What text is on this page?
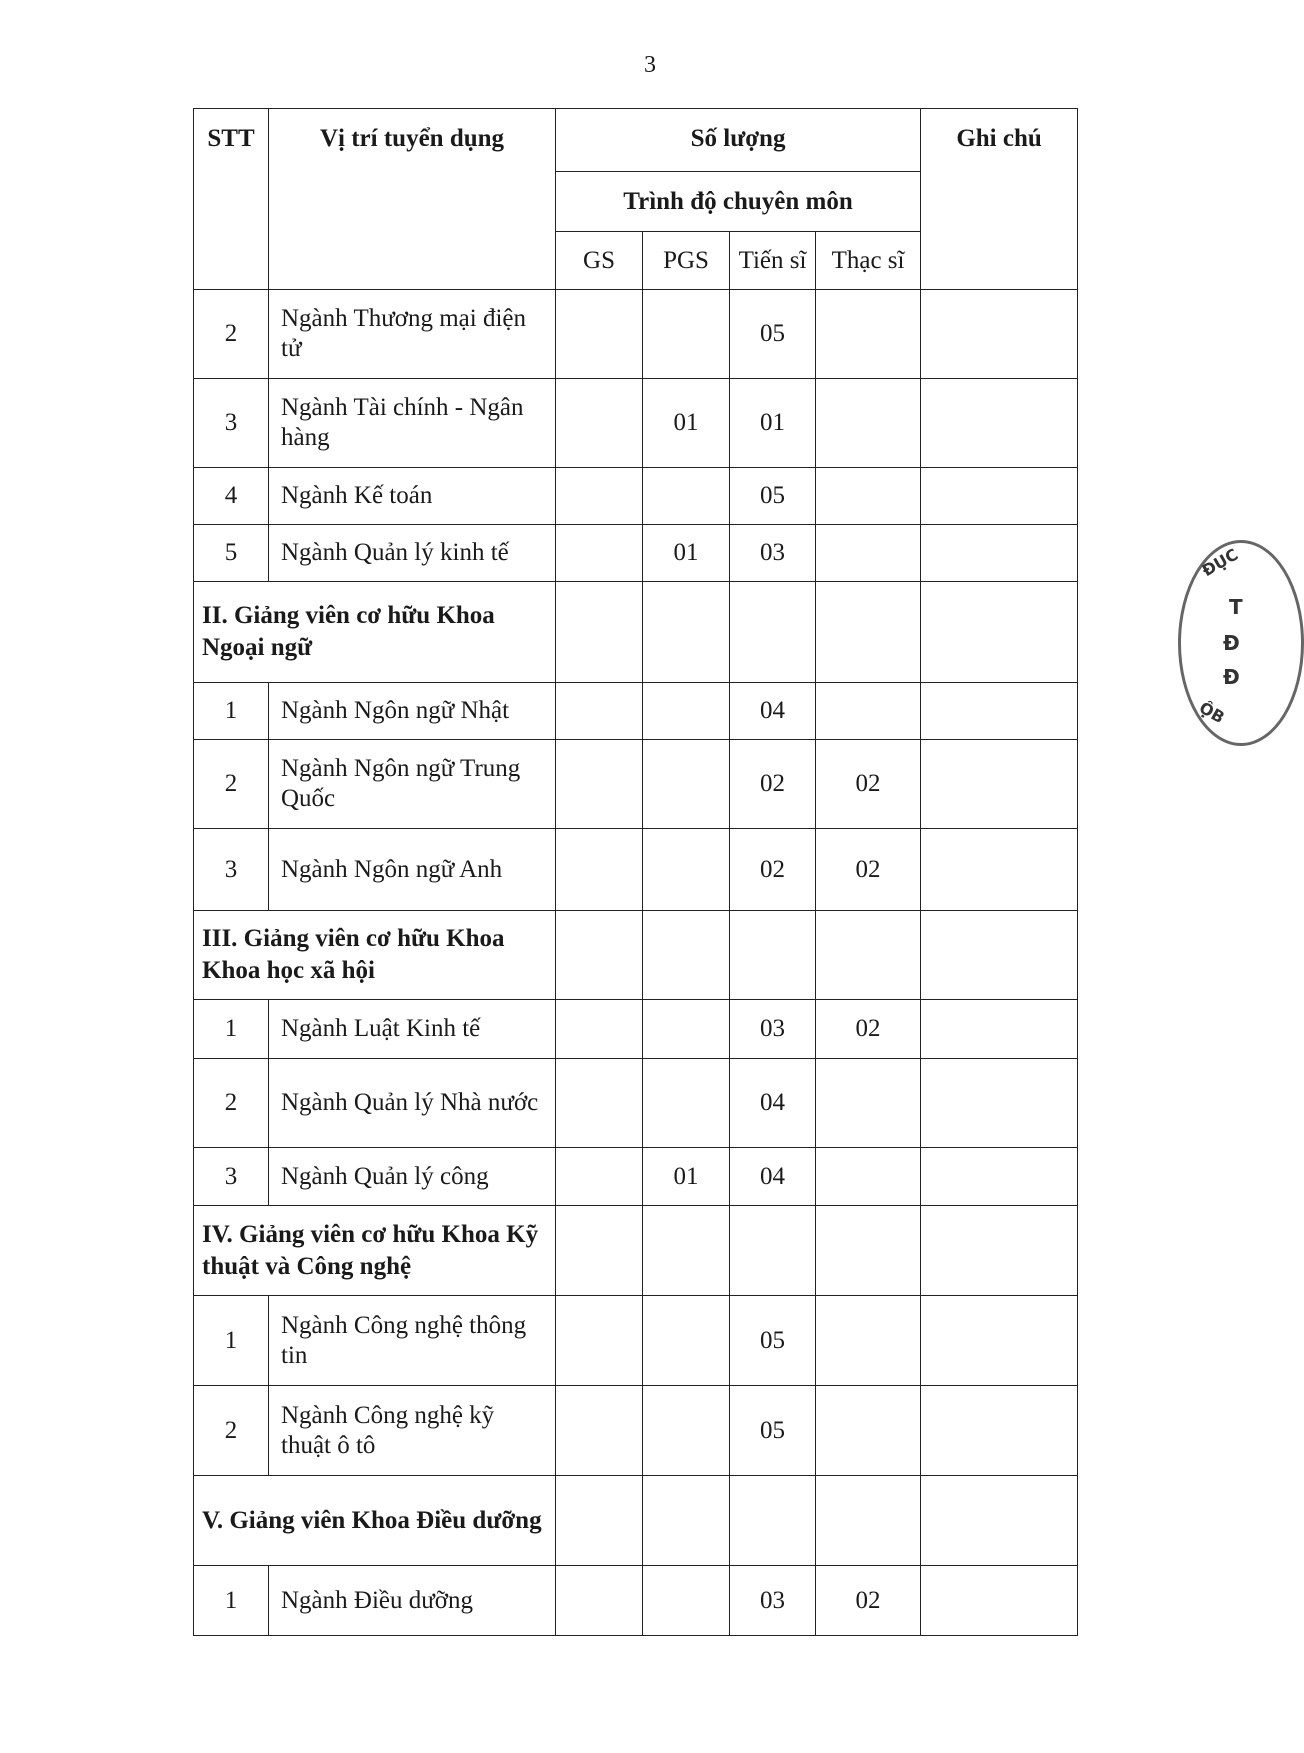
3
STT	Vị trí tuyển dụng	Số lượng				Ghi chú
		Trình độ chuyên môn				
		GS	PGS	Tiến sĩ	Thạc sĩ	
2	Ngành Thương mại điện tử			05		
3	Ngành Tài chính - Ngân hàng		01	01		
4	Ngành Kế toán			05		
5	Ngành Quản lý kinh tế		01	03		
II. Giảng viên cơ hữu Khoa Ngoại ngữ						
1	Ngành Ngôn ngữ Nhật			04		
2	Ngành Ngôn ngữ Trung Quốc			02	02	
3	Ngành Ngôn ngữ Anh			02	02	
III. Giảng viên cơ hữu Khoa Khoa học xã hội						
1	Ngành Luật Kinh tế			03	02	
2	Ngành Quản lý Nhà nước			04		
3	Ngành Quản lý công		01	04		
IV. Giảng viên cơ hữu Khoa Kỹ thuật và Công nghệ						
1	Ngành Công nghệ thông tin			05		
2	Ngành Công nghệ kỹ thuật ô tô			05		
V. Giảng viên Khoa Điều dưỡng						
1	Ngành Điều dưỡng			03	02	
ĐỤC
T
Đ
Đ
ỘB
